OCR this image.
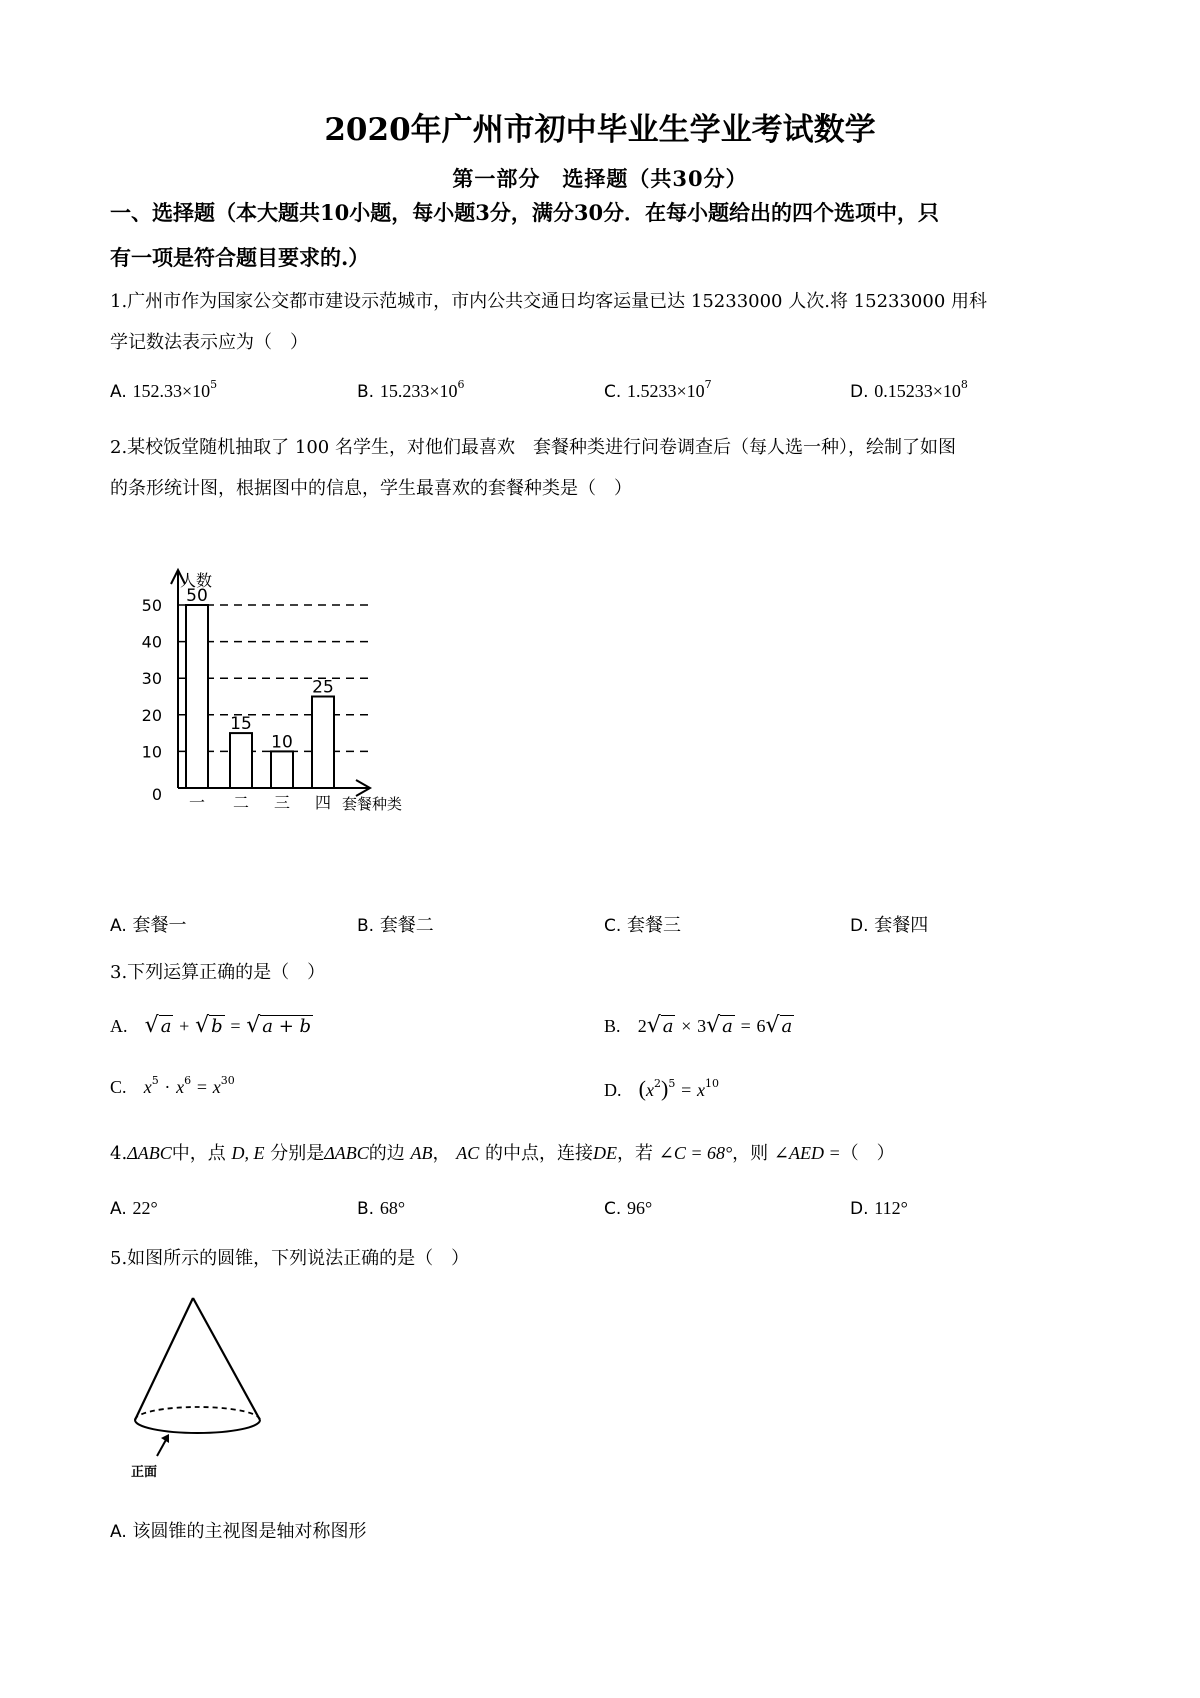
2020年广州市初中毕业生学业考试数学
第一部分　选择题（共30分）
一、选择题（本大题共10小题，每小题3分，满分30分．在每小题给出的四个选项中，只
有一项是符合题目要求的.）
1.广州市作为国家公交都市建设示范城市，市内公共交通日均客运量已达 15233000 人次.将 15233000 用科
学记数法表示应为（　）
A. $152.33\times 10^5$	B. $15.233\times 10^6$	C. $1.5233\times 10^7$	D. $0.15233\times 10^8$
2.某校饭堂随机抽取了 100 名学生，对他们最喜欢　套餐种类进行问卷调查后（每人选一种），绘制了如图
的条形统计图，根据图中的信息，学生最喜欢的套餐种类是（　）
0
10
20
30
40
50 50
一
15
二
10
三
25
四
人数
套餐种类
A. 套餐一	B. 套餐二	C. 套餐三	D. 套餐四
3.下列运算正确的是（　）
A. √ a + √ b = √ a + b	B. 2√ a × 3√ a = 6√ a
C. $x^5 \cdot x^6 = x^{30}$	D. $(x^2)^5 = x^{10}$
4.ΔABC中，点 D, E 分别是ΔABC的边 AB， AC 的中点，连接DE，若 ∠C = 68°，则 ∠AED =（　）
A. 22°	B. 68°	C. 96°	D. 112°
5.如图所示的圆锥，下列说法正确的是（　）
正面
A. 该圆锥的主视图是轴对称图形
